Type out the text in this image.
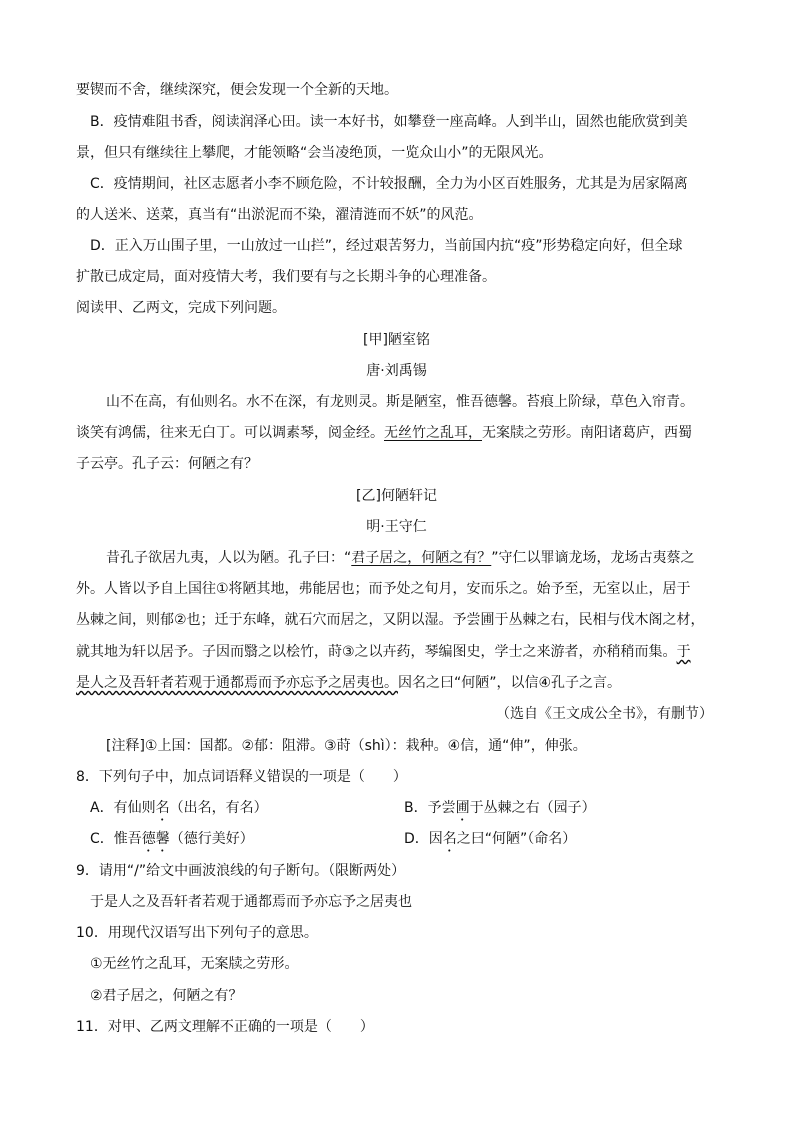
要锲而不舍，继续深究，便会发现一个全新的天地。
B．疫情难阻书香，阅读润泽心田。读一本好书，如攀登一座高峰。人到半山，固然也能欣赏到美
景，但只有继续往上攀爬，才能领略“会当凌绝顶，一览众山小”的无限风光。
C．疫情期间，社区志愿者小李不顾危险，不计较报酬，全力为小区百姓服务，尤其是为居家隔离
的人送米、送菜，真当有“出淤泥而不染，濯清涟而不妖”的风范。
D．正入万山围子里，一山放过一山拦”，经过艰苦努力，当前国内抗“疫”形势稳定向好，但全球
扩散已成定局，面对疫情大考，我们要有与之长期斗争的心理准备。
阅读甲、乙两文，完成下列问题。
[甲]陋室铭
唐·刘禹锡
山不在高，有仙则名。水不在深，有龙则灵。斯是陋室，惟吾德馨。苔痕上阶绿，草色入帘青。
谈笑有鸿儒，往来无白丁。可以调素琴，阅金经。无丝竹之乱耳，无案牍之劳形。南阳诸葛庐，西蜀
子云亭。孔子云：何陋之有？
[乙]何陋轩记
明·王守仁
昔孔子欲居九夷，人以为陋。孔子曰：“君子居之，何陋之有？”守仁以罪谪龙场，龙场古夷蔡之
外。人皆以予自上国往①将陋其地，弗能居也；而予处之旬月，安而乐之。始予至，无室以止，居于
丛棘之间，则郁②也；迁于东峰，就石穴而居之，又阴以湿。予尝圃于丛棘之右，民相与伐木阁之材，
就其地为轩以居予。子因而翳之以桧竹，莳③之以卉药，琴编图史，学士之来游者，亦稍稍而集。于
是人之及吾轩者若观于通都焉而予亦忘予之居夷也。因名之曰“何陋”，以信④孔子之言。
（选自《王文成公全书》，有删节）
[注释]①上国：国都。②郁：阻滞。③莳（shì）：栽种。④信，通“伸”，伸张。
8．下列句子中，加点词语释义错误的一项是（　　）
A．有仙则名（出名，有名）	B．予尝圃于丛棘之右（园子）
C．惟吾德馨（德行美好）	D．因名之曰“何陋”（命名）
9．请用“/”给文中画波浪线的句子断句。（限断两处）
于是人之及吾轩者若观于通都焉而予亦忘予之居夷也
10．用现代汉语写出下列句子的意思。
①无丝竹之乱耳，无案牍之劳形。
②君子居之，何陋之有？
11．对甲、乙两文理解不正确的一项是（　　）
